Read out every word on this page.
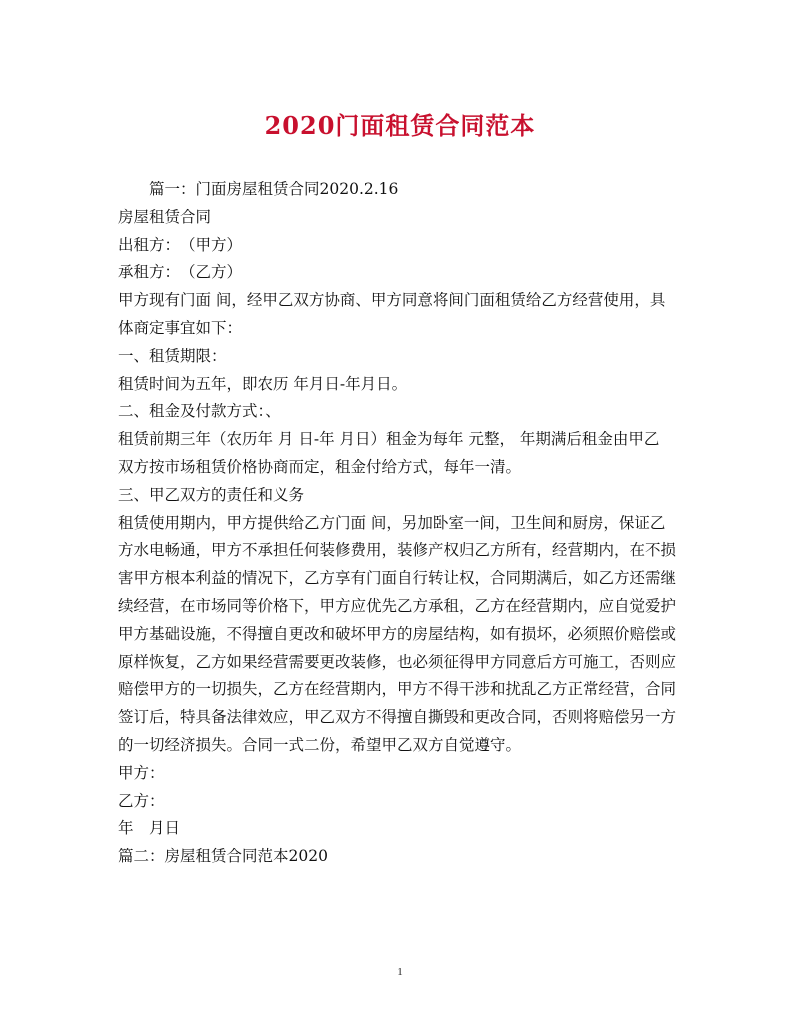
2020门面租赁合同范本
篇一：门面房屋租赁合同2020.2.16
房屋租赁合同
出租方：　（甲方）
承租方：　（乙方）
甲方现有门面 间，经甲乙双方协商、甲方同意将间门面租赁给乙方经营使用，具
体商定事宜如下：
一、租赁期限：
租赁时间为五年，即农历 年月日-年月日。
二、租金及付款方式：、
租赁前期三年（农历年 月 日-年 月日）租金为每年 元整， 年期满后租金由甲乙
双方按市场租赁价格协商而定，租金付给方式，每年一清。
三、甲乙双方的责任和义务
租赁使用期内，甲方提供给乙方门面 间，另加卧室一间，卫生间和厨房，保证乙
方水电畅通，甲方不承担任何装修费用，装修产权归乙方所有，经营期内，在不损
害甲方根本利益的情况下，乙方享有门面自行转让权，合同期满后，如乙方还需继
续经营，在市场同等价格下，甲方应优先乙方承租，乙方在经营期内，应自觉爱护
甲方基础设施，不得擅自更改和破坏甲方的房屋结构，如有损坏，必须照价赔偿或
原样恢复，乙方如果经营需要更改装修，也必须征得甲方同意后方可施工，否则应
赔偿甲方的一切损失，乙方在经营期内，甲方不得干涉和扰乱乙方正常经营，合同
签订后，特具备法律效应，甲乙双方不得擅自撕毁和更改合同，否则将赔偿另一方
的一切经济损失。合同一式二份，希望甲乙双方自觉遵守。
甲方：
乙方：
年　月日
篇二：房屋租赁合同范本2020
1
